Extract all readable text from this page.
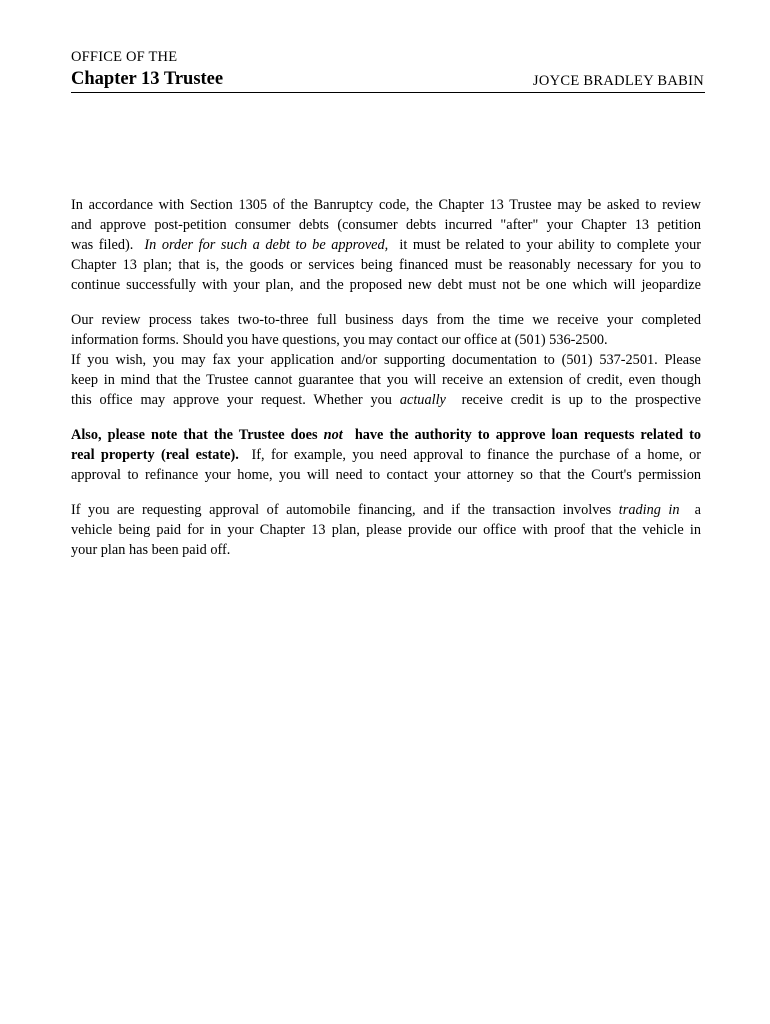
OFFICE OF THE
Chapter 13 Trustee	JOYCE BRADLEY BABIN
In accordance with Section 1305 of the Banruptcy code, the Chapter 13 Trustee may be asked to review
and approve post-petition consumer debts (consumer debts incurred "after" your Chapter 13 petition
was filed). In order for such a debt to be approved, it must be related to your ability to complete your
Chapter 13 plan; that is, the goods or services being financed must be reasonably necessary for you to
continue successfully with your plan, and the proposed new debt must not be one which will jeopardize
Our review process takes two-to-three full business days from the time we receive your completed
information forms. Should you have questions, you may contact our office at (501) 536-2500.
If you wish, you may fax your application and/or supporting documentation to (501) 537-2501. Please
keep in mind that the Trustee cannot guarantee that you will receive an extension of credit, even though
this office may approve your request. Whether you actually receive credit is up to the prospective
Also, please note that the Trustee does not have the authority to approve loan requests related to
real property (real estate). If, for example, you need approval to finance the purchase of a home, or
approval to refinance your home, you will need to contact your attorney so that the Court's permission
If you are requesting approval of automobile financing, and if the transaction involves trading in a
vehicle being paid for in your Chapter 13 plan, please provide our office with proof that the vehicle in
your plan has been paid off.
